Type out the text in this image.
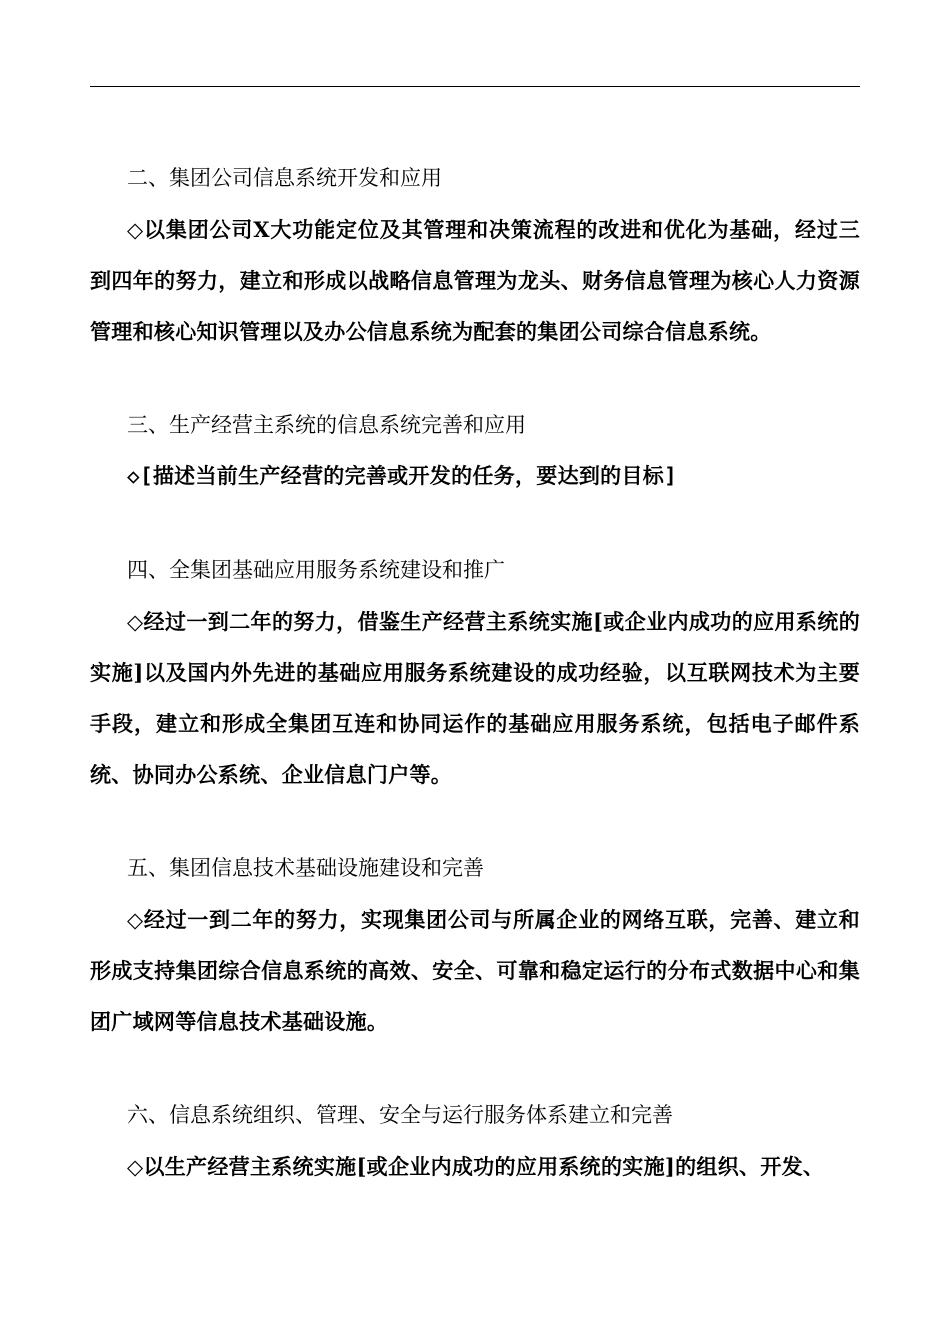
二、集团公司信息系统开发和应用

◇以集团公司X大功能定位及其管理和决策流程的改进和优化为基础，经过三到四年的努力，建立和形成以战略信息管理为龙头、财务信息管理为核心人力资源管理和核心知识管理以及办公信息系统为配套的集团公司综合信息系统。

三、生产经营主系统的信息系统完善和应用

◇[描述当前生产经营的完善或开发的任务，要达到的目标]

四、全集团基础应用服务系统建设和推广

◇经过一到二年的努力，借鉴生产经营主系统实施[或企业内成功的应用系统的实施]以及国内外先进的基础应用服务系统建设的成功经验，以互联网技术为主要手段，建立和形成全集团互连和协同运作的基础应用服务系统，包括电子邮件系统、协同办公系统、企业信息门户等。

五、集团信息技术基础设施建设和完善

◇经过一到二年的努力，实现集团公司与所属企业的网络互联，完善、建立和形成支持集团综合信息系统的高效、安全、可靠和稳定运行的分布式数据中心和集团广域网等信息技术基础设施。

六、信息系统组织、管理、安全与运行服务体系建立和完善

◇以生产经营主系统实施[或企业内成功的应用系统的实施]的组织、开发、
